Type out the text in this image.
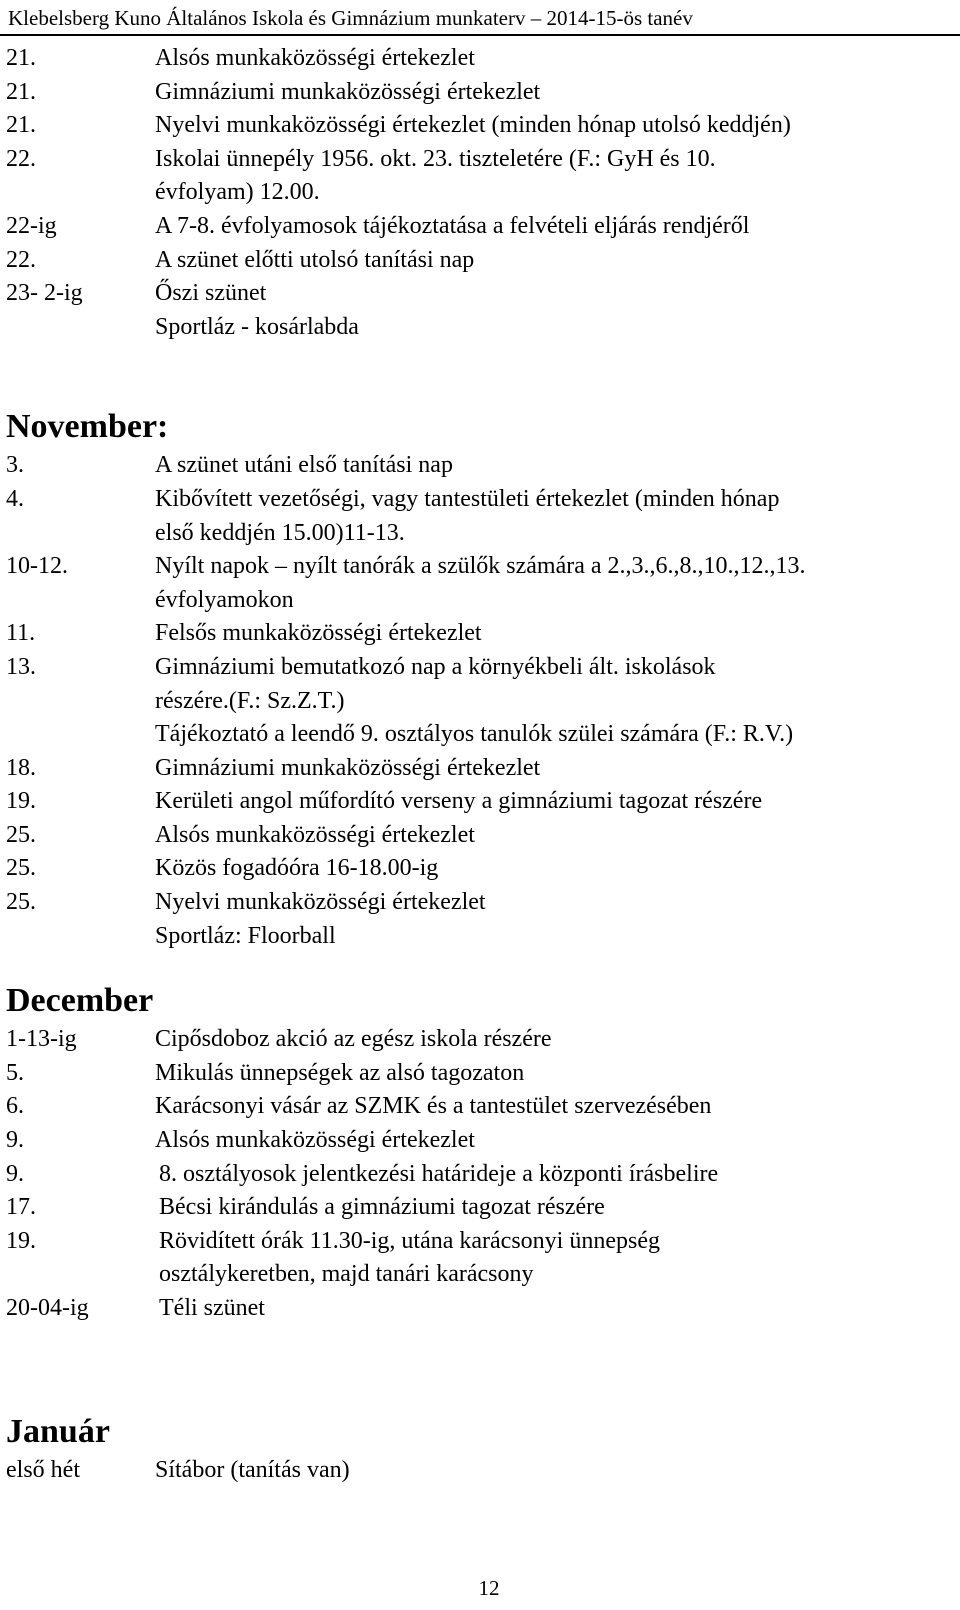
Klebelsberg Kuno Általános Iskola és Gimnázium munkaterv – 2014-15-ös tanév
21.	Alsós munkaközösségi értekezlet
21.	Gimnáziumi munkaközösségi értekezlet
21.	Nyelvi munkaközösségi értekezlet (minden hónap utolsó keddjén)
22.	Iskolai ünnepély 1956. okt. 23. tiszteletére (F.: GyH és 10.
évfolyam) 12.00.
22-ig	A 7-8. évfolyamosok tájékoztatása a felvételi eljárás rendjéről
22.	A szünet előtti utolsó tanítási nap
23- 2-ig	Őszi szünet
Sportláz - kosárlabda
November:
3.	A szünet utáni első tanítási nap
4.	Kibővített vezetőségi, vagy tantestületi értekezlet (minden hónap
első keddjén 15.00)11-13.
10-12.	Nyílt napok – nyílt tanórák a szülők számára a 2.,3.,6.,8.,10.,12.,13.
évfolyamokon
11.	Felsős munkaközösségi értekezlet
13.	Gimnáziumi bemutatkozó nap a környékbeli ált. iskolások
részére.(F.: Sz.Z.T.)
Tájékoztató a leendő 9. osztályos tanulók szülei számára (F.: R.V.)
18.	Gimnáziumi munkaközösségi értekezlet
19.	Kerületi angol műfordító verseny a gimnáziumi tagozat részére
25.	Alsós munkaközösségi értekezlet
25.	Közös fogadóóra 16-18.00-ig
25.	Nyelvi munkaközösségi értekezlet
Sportláz: Floorball
December
1-13-ig	Cipősdoboz akció az egész iskola részére
5.	Mikulás ünnepségek az alsó tagozaton
6.	Karácsonyi vásár az SZMK és a tantestület szervezésében
9.	Alsós munkaközösségi értekezlet
9.	8. osztályosok jelentkezési határideje a központi írásbelire
17.	Bécsi kirándulás a gimnáziumi tagozat részére
19.	Rövidített órák 11.30-ig, utána karácsonyi ünnepség
osztálykeretben, majd tanári karácsony
20-04-ig	Téli szünet
Január
első hét	Sítábor (tanítás van)
12
